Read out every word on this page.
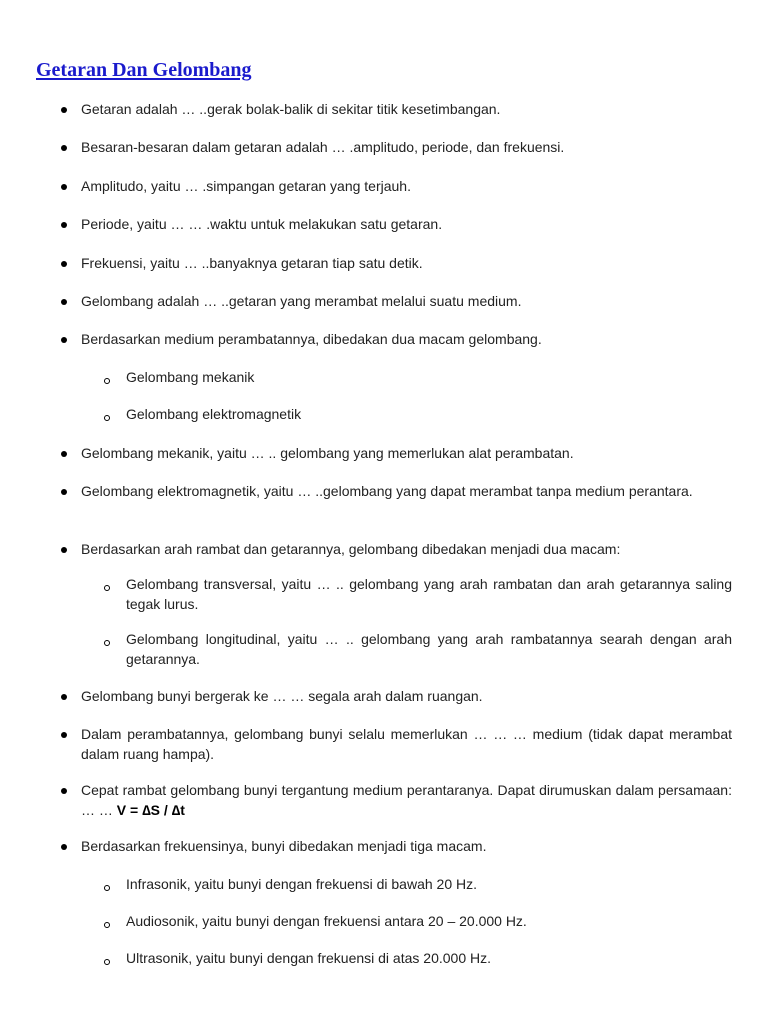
Getaran Dan Gelombang

Getaran adalah … ..gerak bolak-balik di sekitar titik kesetimbangan.

Besaran-besaran dalam getaran adalah … .amplitudo, periode, dan frekuensi.

Amplitudo, yaitu … .simpangan getaran yang terjauh.

Periode, yaitu … … .waktu untuk melakukan satu getaran.

Frekuensi, yaitu … ..banyaknya getaran tiap satu detik.

Gelombang adalah … ..getaran yang merambat melalui suatu medium.

Berdasarkan medium perambatannya, dibedakan dua macam gelombang.

Gelombang mekanik

Gelombang elektromagnetik

Gelombang mekanik, yaitu … .. gelombang yang memerlukan alat perambatan.

Gelombang elektromagnetik, yaitu … ..gelombang yang dapat merambat tanpa medium perantara.

Berdasarkan arah rambat dan getarannya, gelombang dibedakan menjadi dua macam:

Gelombang transversal, yaitu … .. gelombang yang arah rambatan dan arah getarannya saling tegak lurus.

Gelombang longitudinal, yaitu … .. gelombang yang arah rambatannya searah dengan arah getarannya.

Gelombang bunyi bergerak ke … … segala arah dalam ruangan.

Dalam perambatannya, gelombang bunyi selalu memerlukan … … … medium (tidak dapat merambat dalam ruang hampa).

Cepat rambat gelombang bunyi tergantung medium perantaranya. Dapat dirumuskan dalam persamaan: … … V = ∆S / ∆t

Berdasarkan frekuensinya, bunyi dibedakan menjadi tiga macam.

Infrasonik, yaitu bunyi dengan frekuensi di bawah 20 Hz.

Audiosonik, yaitu bunyi dengan frekuensi antara 20 – 20.000 Hz.

Ultrasonik, yaitu bunyi dengan frekuensi di atas 20.000 Hz.
